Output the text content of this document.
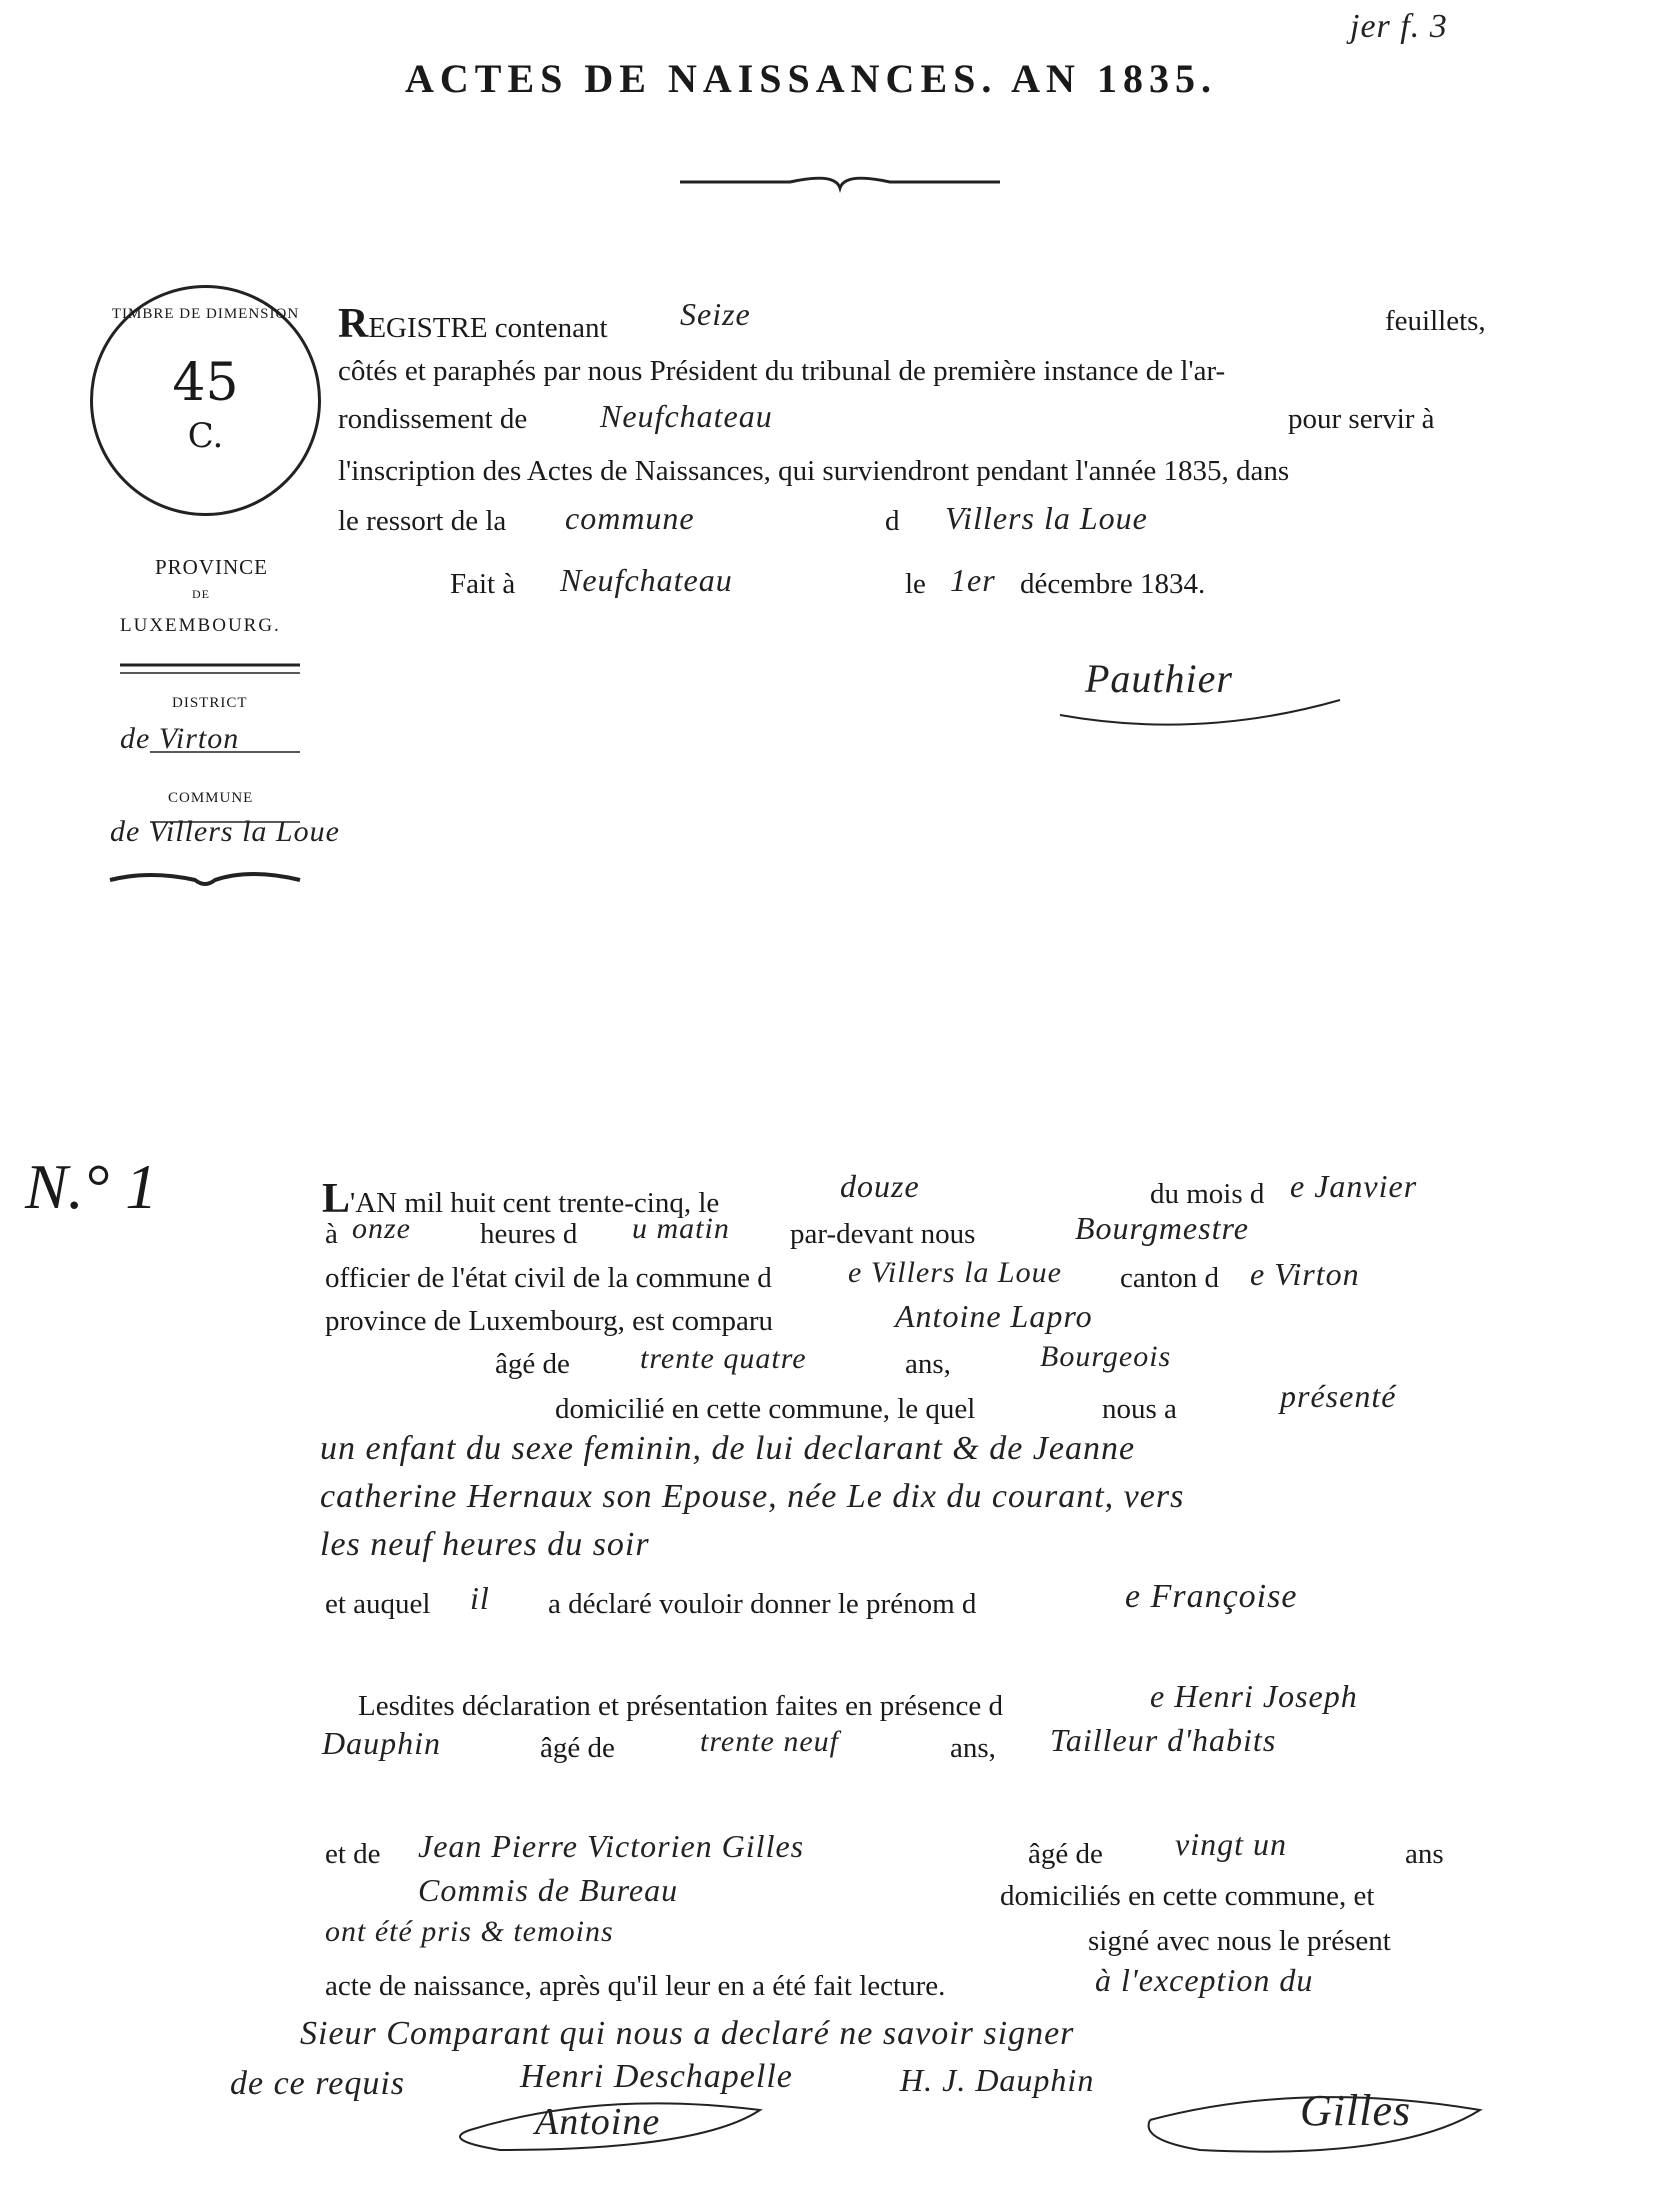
jer f. 3
ACTES DE NAISSANCES. AN 1835.
TIMBRE DE DIMENSION
45
C.
PROVINCE
DE
LUXEMBOURG.
DISTRICT
de Virton
COMMUNE
de Villers la Loue
REGISTRE contenant Seize	feuillets,
côtés et paraphés par nous Président du tribunal de première instance de l'ar-
rondissement de Neufchateau	pour servir à
l'inscription des Actes de Naissances, qui surviendront pendant l'année 1835, dans
le ressort de la commune	d Villers la Loue
Fait à Neufchateau	le 1er décembre 1834.
Pauthier
N.° 1	L'AN mil huit cent trente-cinq, le	douze	du mois d e Janvier
à onze heures d u matin par-devant nous	Bourgmestre
officier de l'état civil de la commune d	e Villers la Loue canton d e Virton
province de Luxembourg, est comparu	Antoine Lapro
âgé de trente quatre	ans,	Bourgeois
domicilié en cette commune, le quel	nous a	présenté
un enfant du sexe feminin, de lui declarant & de Jeanne
catherine Hernaux son Epouse, née Le dix du courant, vers
les neuf heures du soir
et auquel il a déclaré vouloir donner le prénom d	e Françoise
Lesdites déclaration et présentation faites en présence d	e Henri Joseph
Dauphin	âgé de	trente neuf	ans, Tailleur d'habits
et de Jean Pierre Victorien Gilles	âgé de vingt un	ans
Commis de Bureau	domiciliés en cette commune, et
ont été pris & temoins	signé avec nous le présent
acte de naissance, après qu'il leur en a été fait lecture.	à l'exception du
Sieur Comparant qui nous a declaré ne savoir signer
de ce requis	Henri Deschapelle	H. J. Dauphin
Antoine	Gilles
